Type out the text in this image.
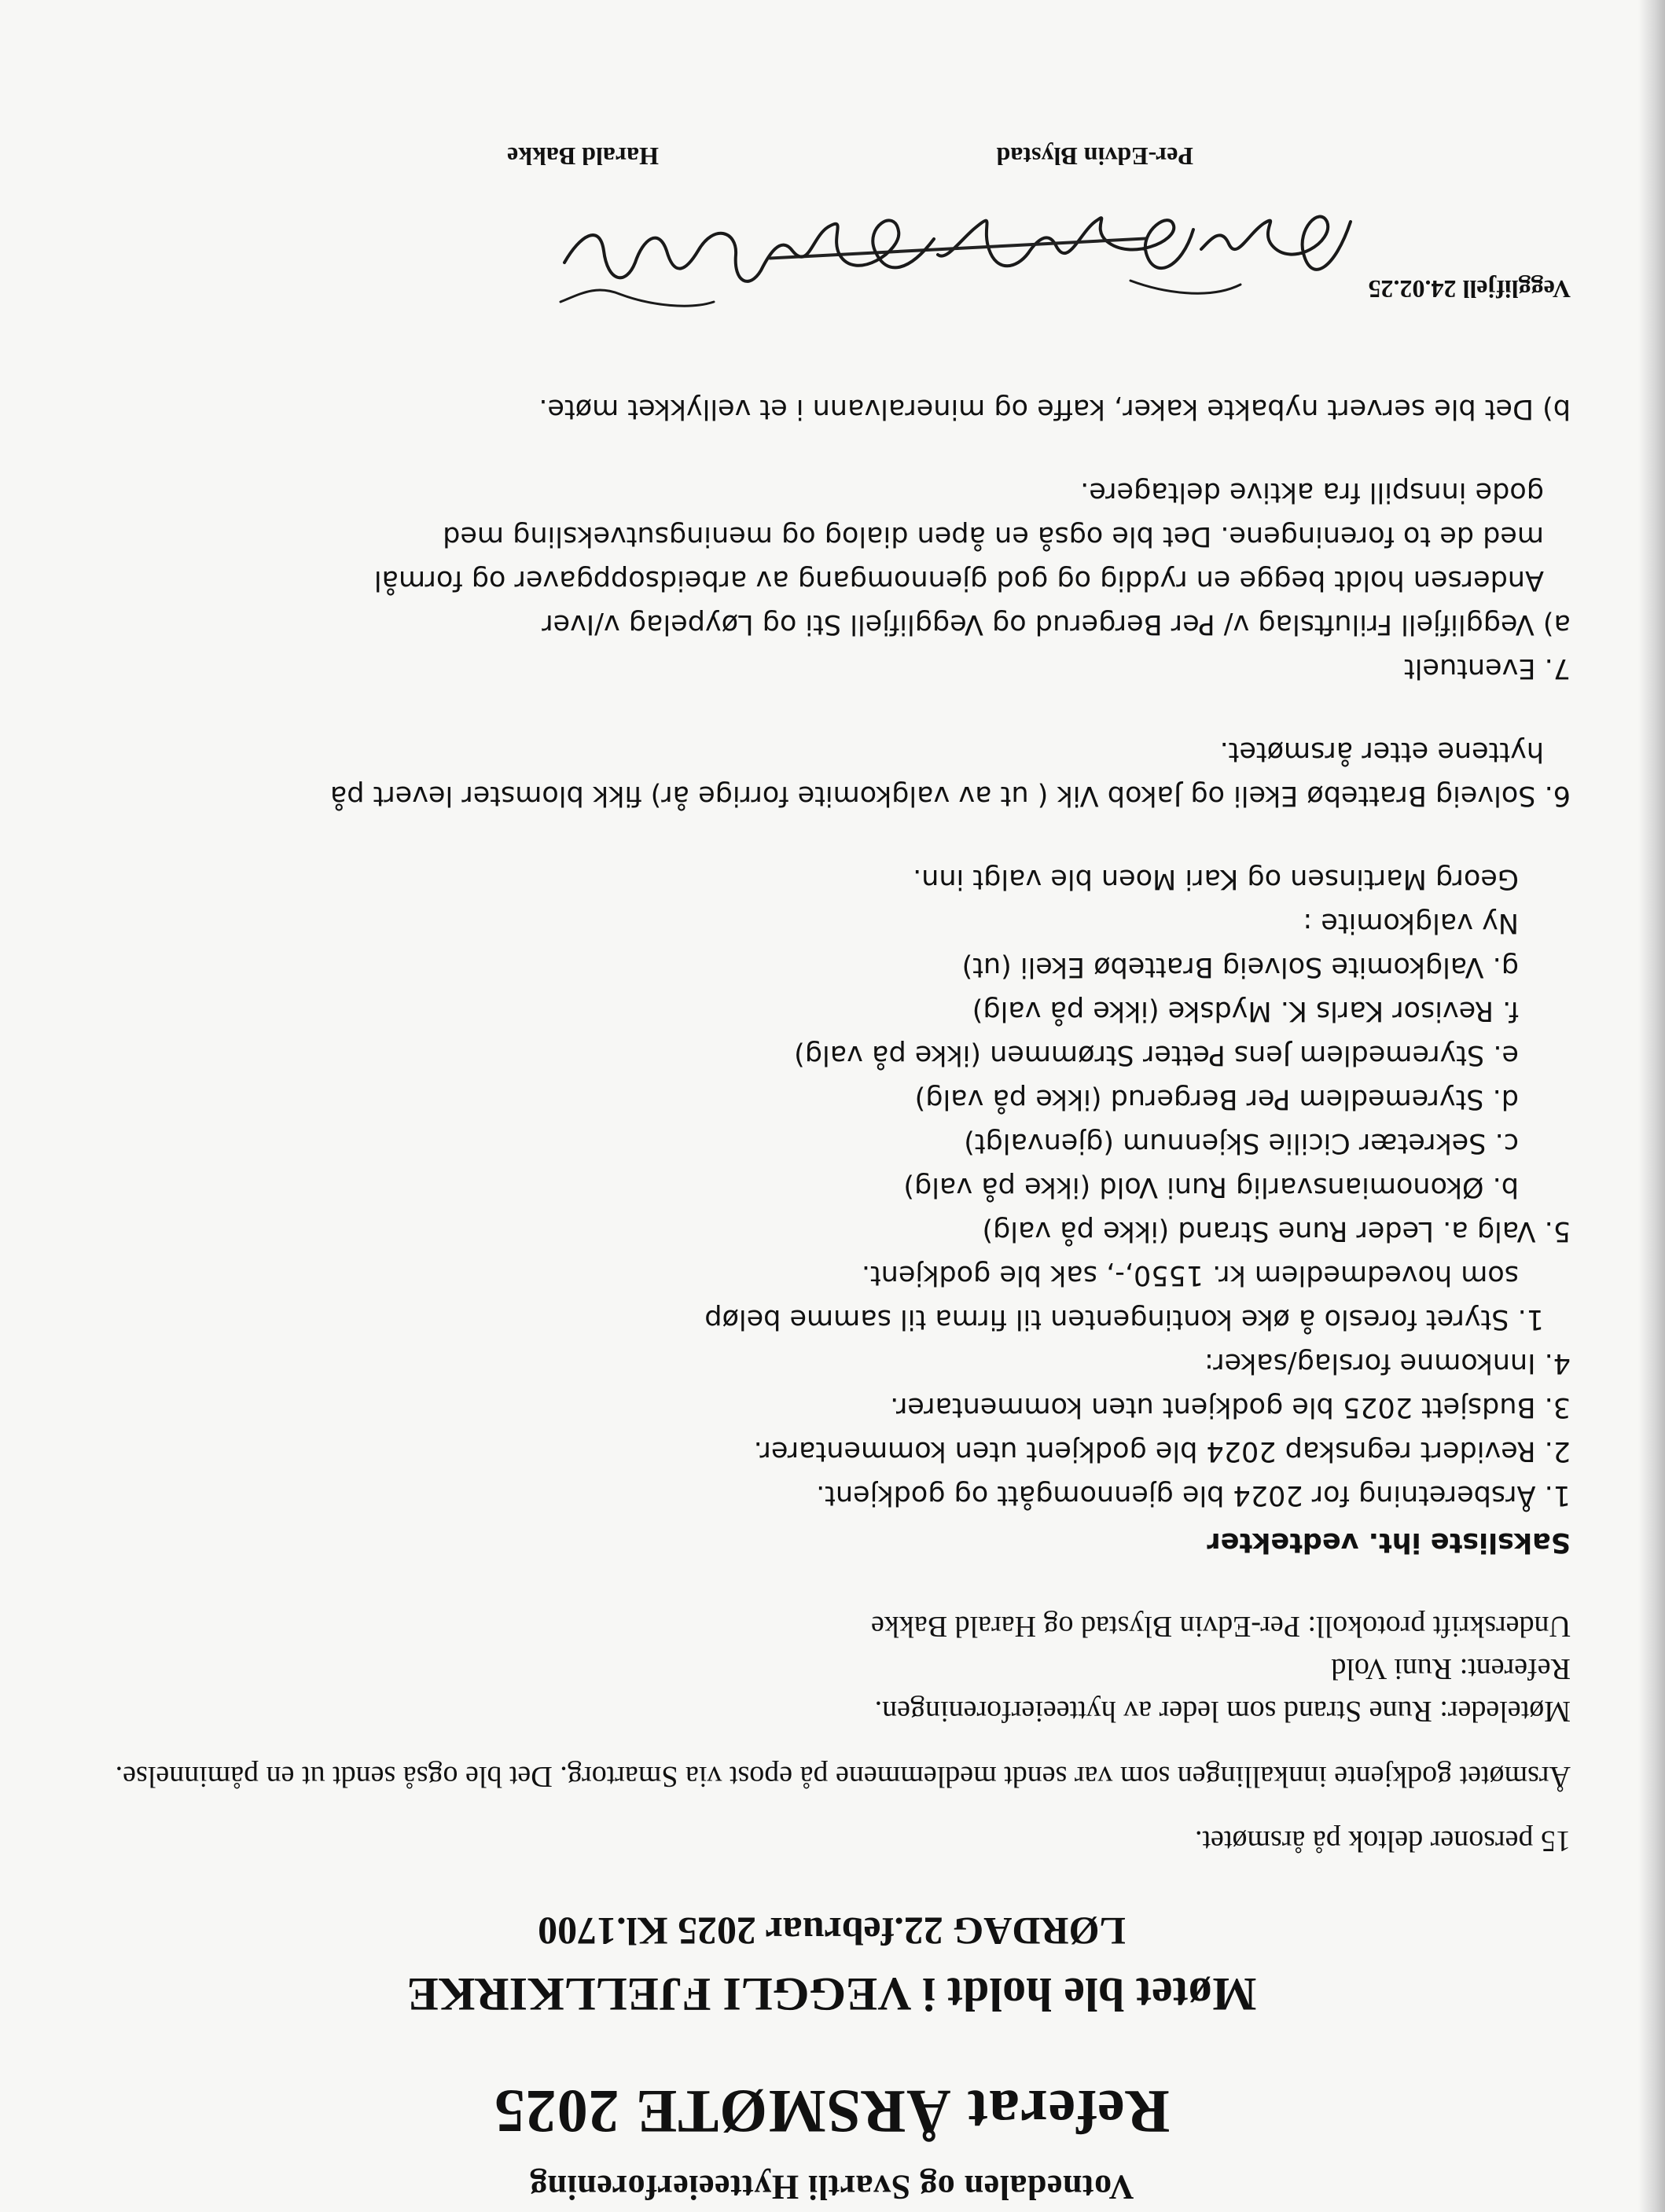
Votnedalen og Svartli Hytteeierforening
Referat ÅRSMØTE 2025
Møtet ble holdt i VEGGLI FJELLKIRKE
LØRDAG 22.februar 2025 Kl.1700

15 personer deltok på årsmøtet.

Årsmøtet godkjente innkallingen som var sendt medlemmene på epost via Smartorg. Det ble også sendt ut en påminnelse.

Møteleder: Rune Strand som leder av hytteeierforeningen.

Referent: Runi Vold

Underskrift protokoll: Per-Edvin Blystad og Harald Bakke

Saksliste iht. vedtekter

1. Årsberetning for 2024 ble gjennomgått og godkjent.

2. Revidert regnskap 2024 ble godkjent uten kommentarer.

3. Budsjett 2025 ble godkjent uten kommentarer.

4. Innkomne forslag/saker:

1. Styret foreslo å øke kontingenten til firma til samme beløp

som hovedmedlem kr. 1550,-, sak ble godkjent.

5. Valg a. Leder Rune Strand (ikke på valg)

b. Økonomiansvarlig Runi Vold (ikke på valg)

c. Sekretær Cicilie Skjennum (gjenvalgt)

d. Styremedlem Per Bergerud (ikke på valg)

e. Styremedlem Jens Petter Strømmen (ikke på valg)

f. Revisor Karls K. Mydske (ikke på valg)

g. Valgkomite Solveig Brattebø Ekeli (ut)

Ny valgkomite :

Georg Martinsen og Kari Moen ble valgt inn.

6. Solveig Brattebø Ekeli og Jakob Vik ( ut av valgkomite forrige år) fikk blomster levert på

hyttene etter årsmøtet.

7. Eventuelt

a) Vegglifjell Friluftslag v/ Per Bergerud og Vegglifjell Sti og Løypelag v/Iver

Andersen holdt begge en ryddig og god gjennomgang av arbeidsoppgaver og formål

med de to foreningene. Det ble også en åpen dialog og meningsutveksling med

gode innspill fra aktive deltagere.

b) Det ble servert nybakte kaker, kaffe og mineralvann i et vellykket møte.

Vegglifjell 24.02.25
Per-Edvin Blystad
Harald Bakke
